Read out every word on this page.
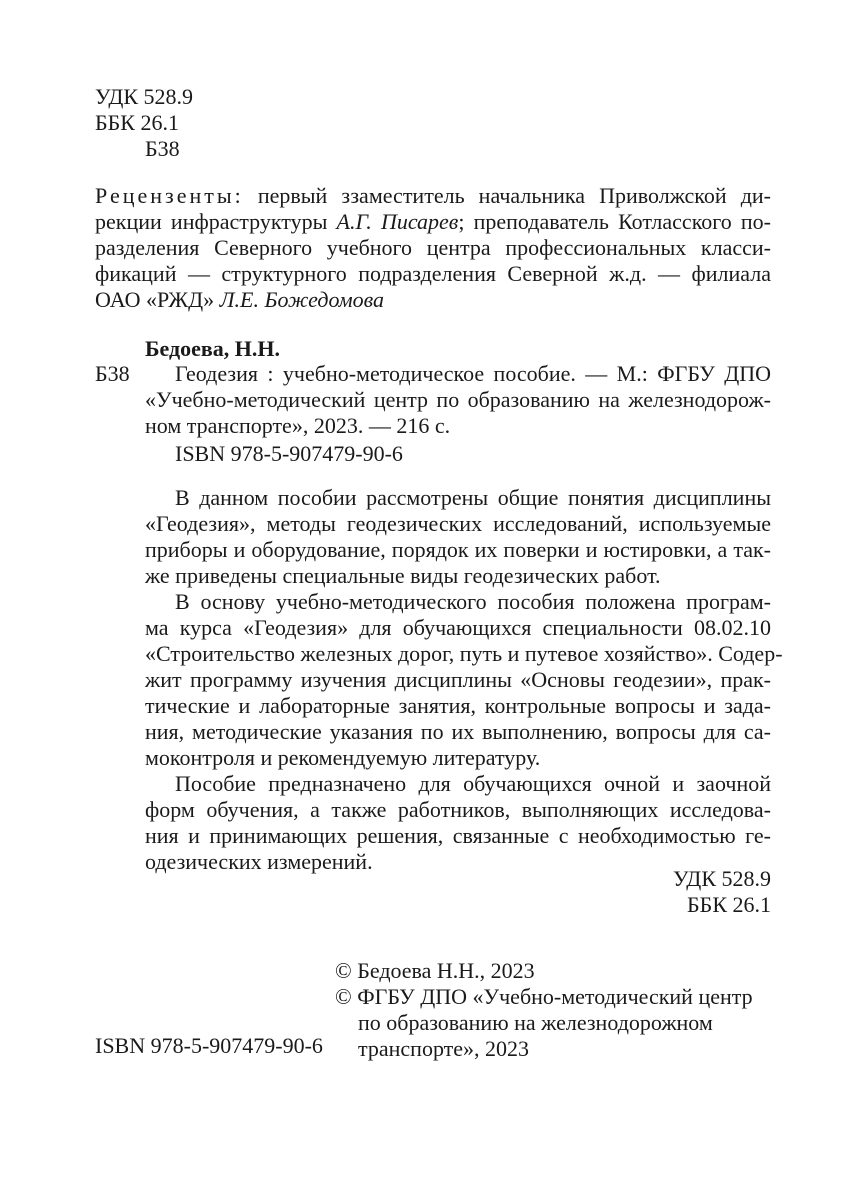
УДК 528.9
ББК 26.1
Б38
Рецензенты: первый ззаместитель начальника Приволжской ди-
рекции инфраструктуры А.Г. Писарев; преподаватель Котласского по-
разделения Северного учебного центра профессиональных класси-
фикаций — структурного подразделения Северной ж.д. — филиала
ОАО «РЖД» Л.Е. Божедомова
Бедоева, Н.Н.
Б38	Геодезия : учебно-методическое пособие. — М.: ФГБУ ДПО
«Учебно-методический центр по образованию на железнодорож-
ном транспорте», 2023. — 216 с.
ISBN 978-5-907479-90-6
В данном пособии рассмотрены общие понятия дисциплины
«Геодезия», методы геодезических исследований, используемые
приборы и оборудование, порядок их поверки и юстировки, а так-
же приведены специальные виды геодезических работ.
В основу учебно-методического пособия положена програм-
ма курса «Геодезия» для обучающихся специальности 08.02.10
«Строительство железных дорог, путь и путевое хозяйство». Содер-
жит программу изучения дисциплины «Основы геодезии», прак-
тические и лабораторные занятия, контрольные вопросы и зада-
ния, методические указания по их выполнению, вопросы для са-
моконтроля и рекомендуемую литературу.
Пособие предназначено для обучающихся очной и заочной
форм обучения, а также работников, выполняющих исследова-
ния и принимающих решения, связанные с необходимостью ге-
одезических измерений.
УДК 528.9
ББК 26.1
© Бедоева Н.Н., 2023
© ФГБУ ДПО «Учебно-методический центр
по образованию на железнодорожном
транспорте», 2023
ISBN 978-5-907479-90-6
